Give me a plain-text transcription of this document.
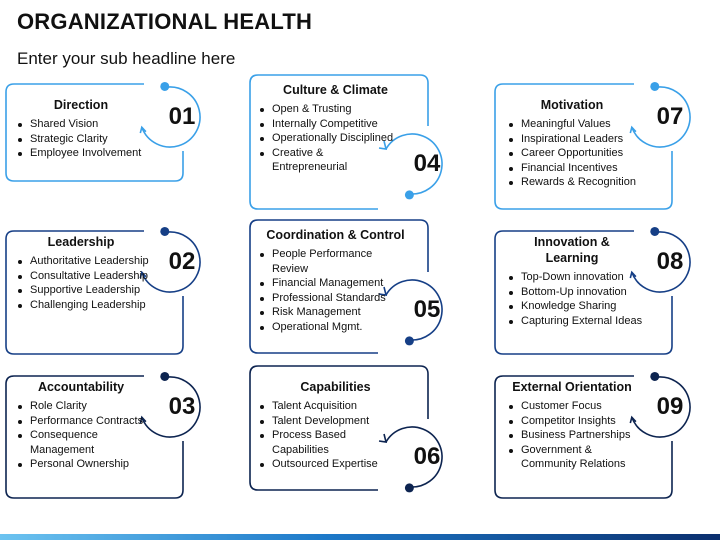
ORGANIZATIONAL HEALTH
Enter your sub headline here
Direction
Shared Vision
Strategic Clarity
Employee Involvement
01
Leadership
Authoritative Leadership
Consultative Leadership
Supportive Leadership
Challenging Leadership
02
Accountability
Role Clarity
Performance Contracts
Consequence Management
Personal Ownership
03
Culture & Climate
Open & Trusting
Internally Competitive
Operationally Disciplined
Creative & Entrepreneurial	04
Coordination & Control
People Performance Review
Financial Management
Professional Standards
Risk Management
Operational Mgmt.
05
Capabilities
Talent Acquisition
Talent Development
Process Based Capabilities
Outsourced Expertise	06
Motivation
Meaningful Values
Inspirational Leaders
Career Opportunities
Financial Incentives
Rewards & Recognition
07
Innovation & Learning
Top-Down innovation
Bottom-Up innovation
Knowledge Sharing
Capturing External Ideas
08
External Orientation
Customer Focus
Competitor Insights
Business Partnerships
Government & Community Relations
09
